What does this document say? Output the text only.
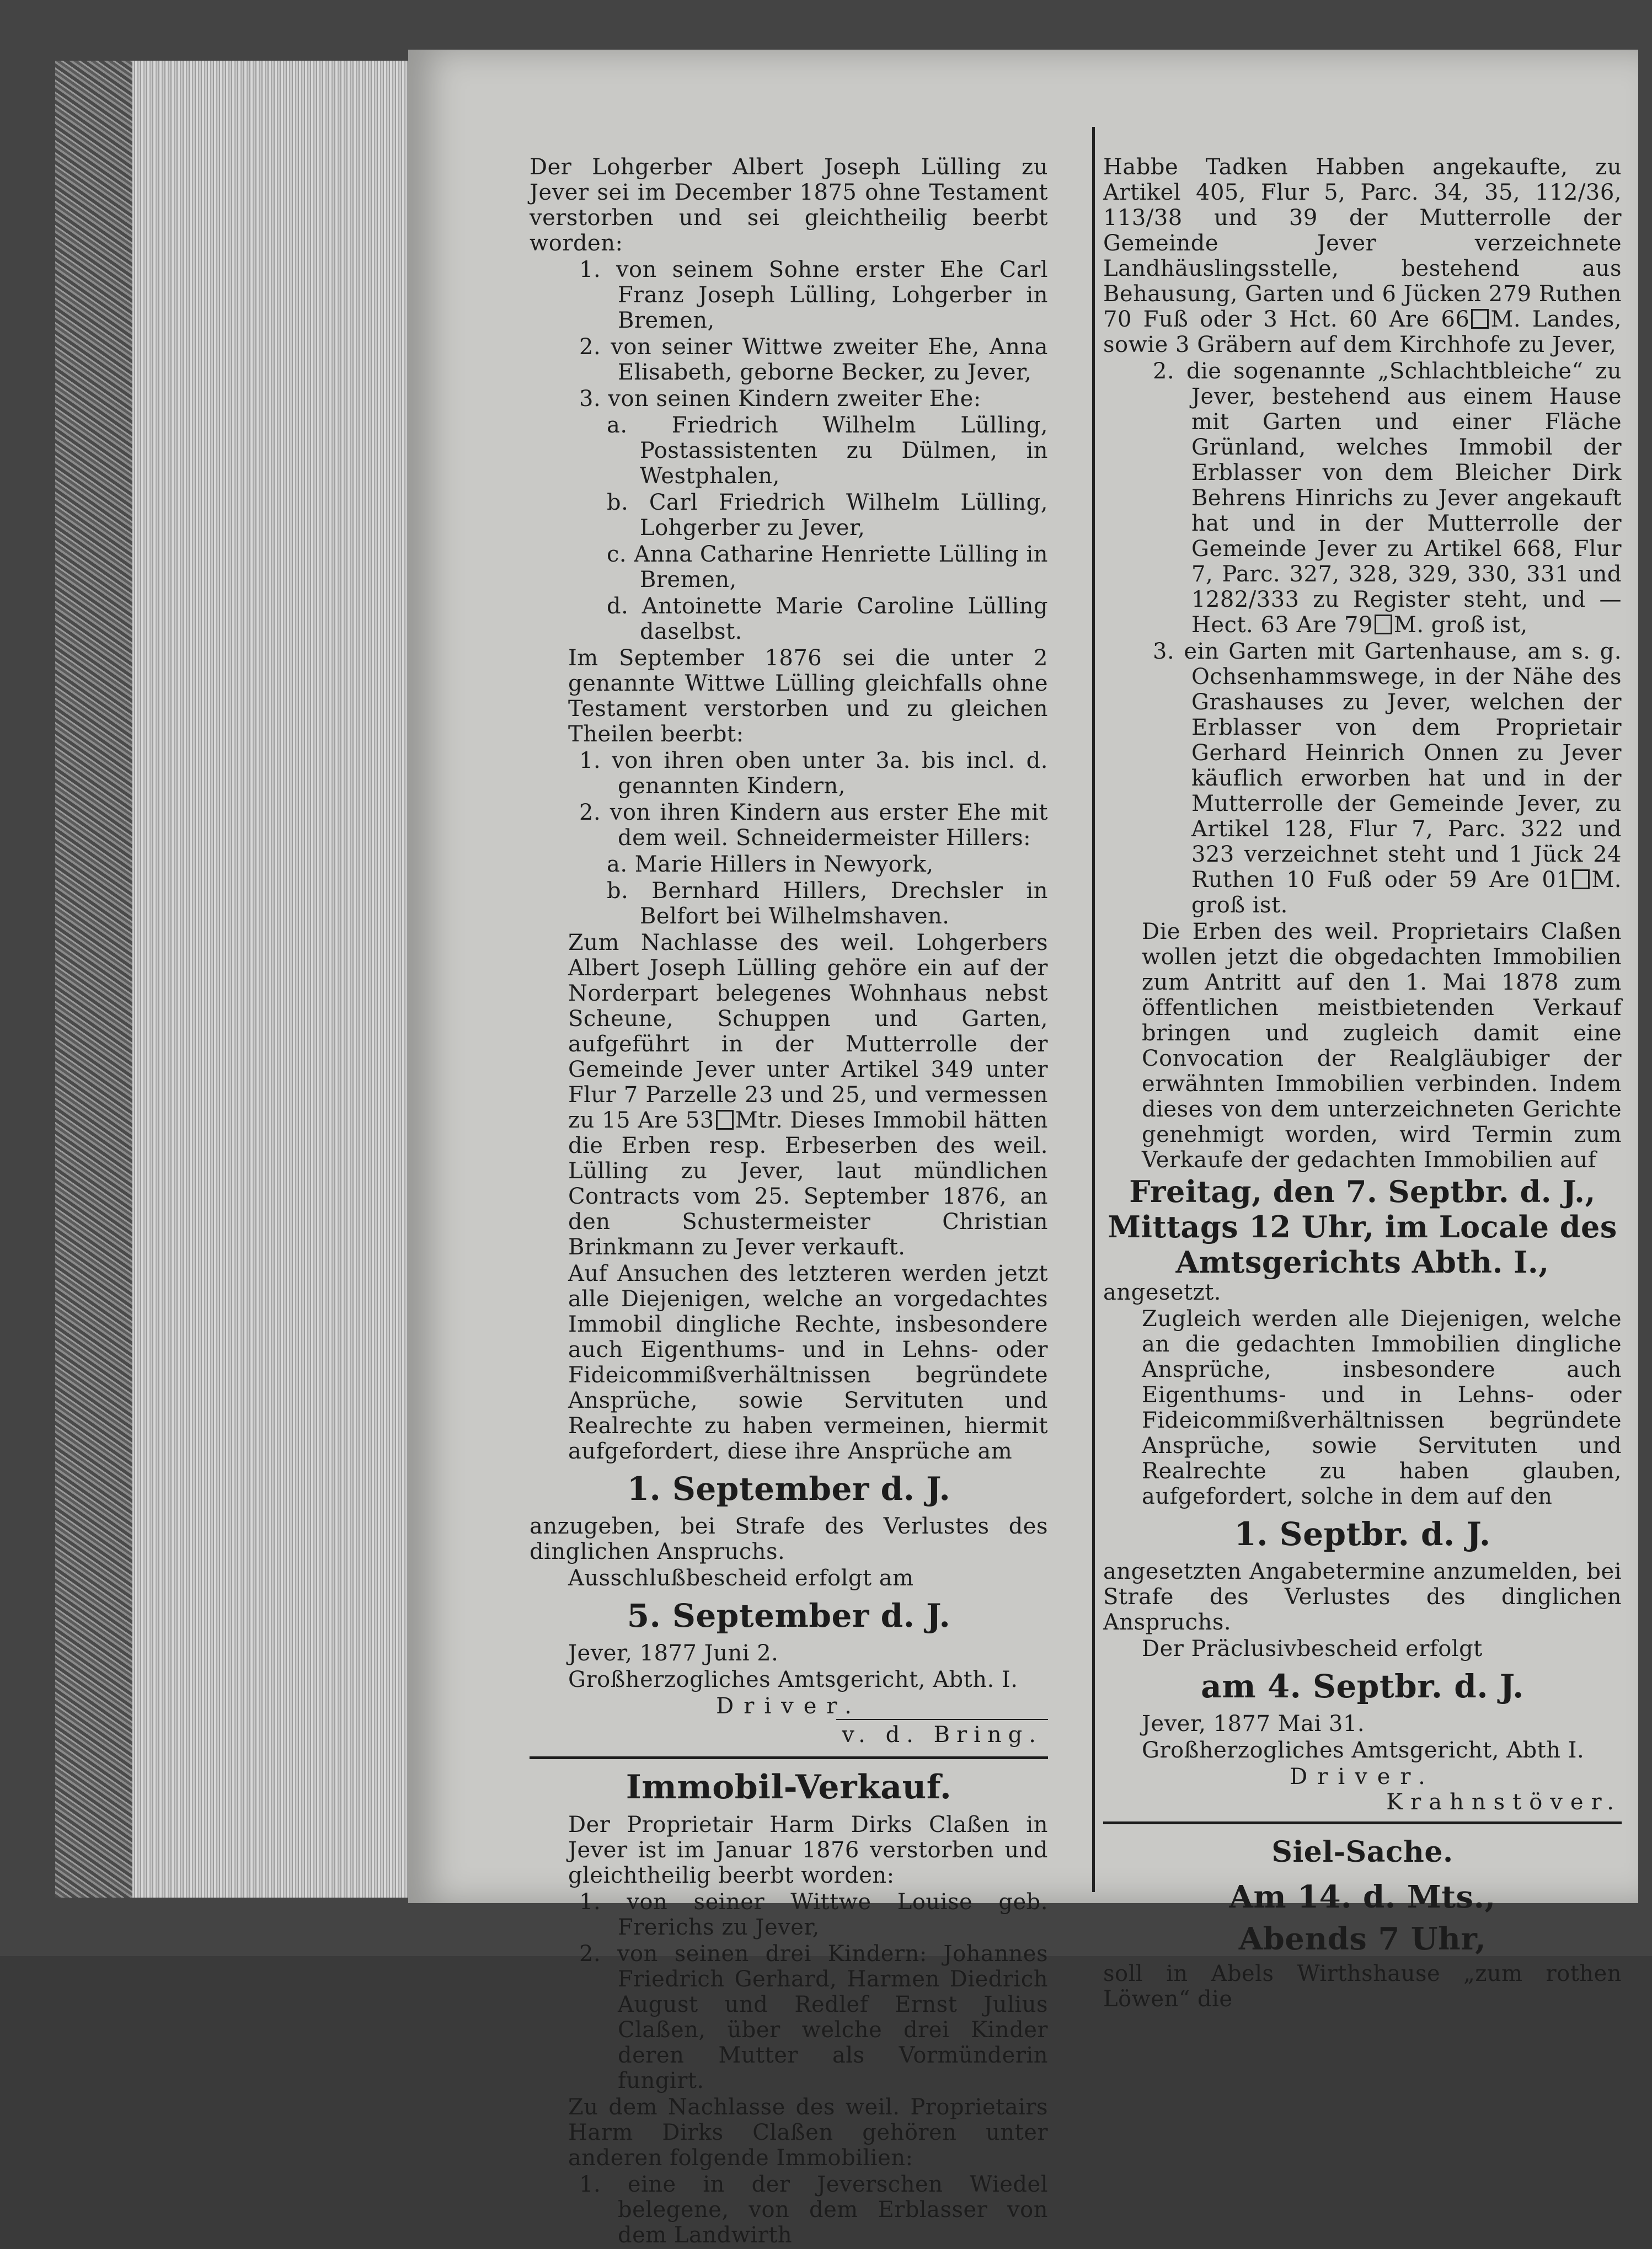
Der Lohgerber Albert Joseph Lülling zu Jever sei im December 1875 ohne Testament verstorben und sei gleichtheilig beerbt worden:

1. von seinem Sohne erster Ehe Carl Franz Joseph Lülling, Lohgerber in Bremen,

2. von seiner Wittwe zweiter Ehe, Anna Elisabeth, geborne Becker, zu Jever,

3. von seinen Kindern zweiter Ehe:

a. Friedrich Wilhelm Lülling, Postassistenten zu Dülmen, in Westphalen,

b. Carl Friedrich Wilhelm Lülling, Lohgerber zu Jever,

c. Anna Catharine Henriette Lülling in Bremen,

d. Antoinette Marie Caroline Lülling daselbst.

Im September 1876 sei die unter 2 genannte Wittwe Lülling gleichfalls ohne Testament verstorben und zu gleichen Theilen beerbt:

1. von ihren oben unter 3a. bis incl. d. genannten Kindern,

2. von ihren Kindern aus erster Ehe mit dem weil. Schneidermeister Hillers:

a. Marie Hillers in Newyork,

b. Bernhard Hillers, Drechsler in Belfort bei Wilhelmshaven.

Zum Nachlasse des weil. Lohgerbers Albert Joseph Lülling gehöre ein auf der Norderpart belegenes Wohnhaus nebst Scheune, Schuppen und Garten, aufgeführt in der Mutterrolle der Gemeinde Jever unter Artikel 349 unter Flur 7 Parzelle 23 und 25, und vermessen zu 15 Are 53 Mtr. Dieses Immobil hätten die Erben resp. Erbeserben des weil. Lülling zu Jever, laut mündlichen Contracts vom 25. September 1876, an den Schustermeister Christian Brinkmann zu Jever verkauft.

Auf Ansuchen des letzteren werden jetzt alle Diejenigen, welche an vorgedachtes Immobil dingliche Rechte, insbesondere auch Eigenthums- und in Lehns- oder Fideicommißverhältnissen begründete Ansprüche, sowie Servituten und Realrechte zu haben vermeinen, hiermit aufgefordert, diese ihre Ansprüche am

1. September d. J.

anzugeben, bei Strafe des Verlustes des dinglichen Anspruchs.

Ausschlußbescheid erfolgt am

5. September d. J.

Jever, 1877 Juni 2.

Großherzogliches Amtsgericht, Abth. I.

Driver.
v. d. Bring.
Immobil-Verkauf.

Der Proprietair Harm Dirks Claßen in Jever ist im Januar 1876 verstorben und gleichtheilig beerbt worden:

1. von seiner Wittwe Louise geb. Frerichs zu Jever,

2. von seinen drei Kindern: Johannes Friedrich Gerhard, Harmen Diedrich August und Redlef Ernst Julius Claßen, über welche drei Kinder deren Mutter als Vormünderin fungirt.

Zu dem Nachlasse des weil. Proprietairs Harm Dirks Claßen gehören unter anderen folgende Immobilien:

1. eine in der Jeverschen Wiedel belegene, von dem Erblasser von dem Landwirth

Habbe Tadken Habben angekaufte, zu Artikel 405, Flur 5, Parc. 34, 35, 112/36, 113/38 und 39 der Mutterrolle der Gemeinde Jever verzeichnete Landhäuslingsstelle, bestehend aus Behausung, Garten und 6 Jücken 279 Ruthen 70 Fuß oder 3 Hct. 60 Are 66 M. Landes, sowie 3 Gräbern auf dem Kirchhofe zu Jever,

2. die sogenannte „Schlachtbleiche“ zu Jever, bestehend aus einem Hause mit Garten und einer Fläche Grünland, welches Immobil der Erblasser von dem Bleicher Dirk Behrens Hinrichs zu Jever angekauft hat und in der Mutterrolle der Gemeinde Jever zu Artikel 668, Flur 7, Parc. 327, 328, 329, 330, 331 und 1282/333 zu Register steht, und — Hect. 63 Are 79 M. groß ist,

3. ein Garten mit Gartenhause, am s. g. Ochsenhammswege, in der Nähe des Grashauses zu Jever, welchen der Erblasser von dem Proprietair Gerhard Heinrich Onnen zu Jever käuflich erworben hat und in der Mutterrolle der Gemeinde Jever, zu Artikel 128, Flur 7, Parc. 322 und 323 verzeichnet steht und 1 Jück 24 Ruthen 10 Fuß oder 59 Are 01 M. groß ist.

Die Erben des weil. Proprietairs Claßen wollen jetzt die obgedachten Immobilien zum Antritt auf den 1. Mai 1878 zum öffentlichen meistbietenden Verkauf bringen und zugleich damit eine Convocation der Realgläubiger der erwähnten Immobilien verbinden. Indem dieses von dem unterzeichneten Gerichte genehmigt worden, wird Termin zum Verkaufe der gedachten Immobilien auf

Freitag, den 7. Septbr. d. J.,
Mittags 12 Uhr, im Locale des
Amtsgerichts Abth. I.,

angesetzt.

Zugleich werden alle Diejenigen, welche an die gedachten Immobilien dingliche Ansprüche, insbesondere auch Eigenthums- und in Lehns- oder Fideicommißverhältnissen begründete Ansprüche, sowie Servituten und Realrechte zu haben glauben, aufgefordert, solche in dem auf den

1. Septbr. d. J.

angesetzten Angabetermine anzumelden, bei Strafe des Verlustes des dinglichen Anspruchs.

Der Präclusivbescheid erfolgt

am 4. Septbr. d. J.

Jever, 1877 Mai 31.

Großherzogliches Amtsgericht, Abth I.

Driver.
Krahnstöver.
Siel-Sache.
Am 14. d. Mts.,
Abends 7 Uhr,

soll in Abels Wirthshause „zum rothen Löwen“ die
